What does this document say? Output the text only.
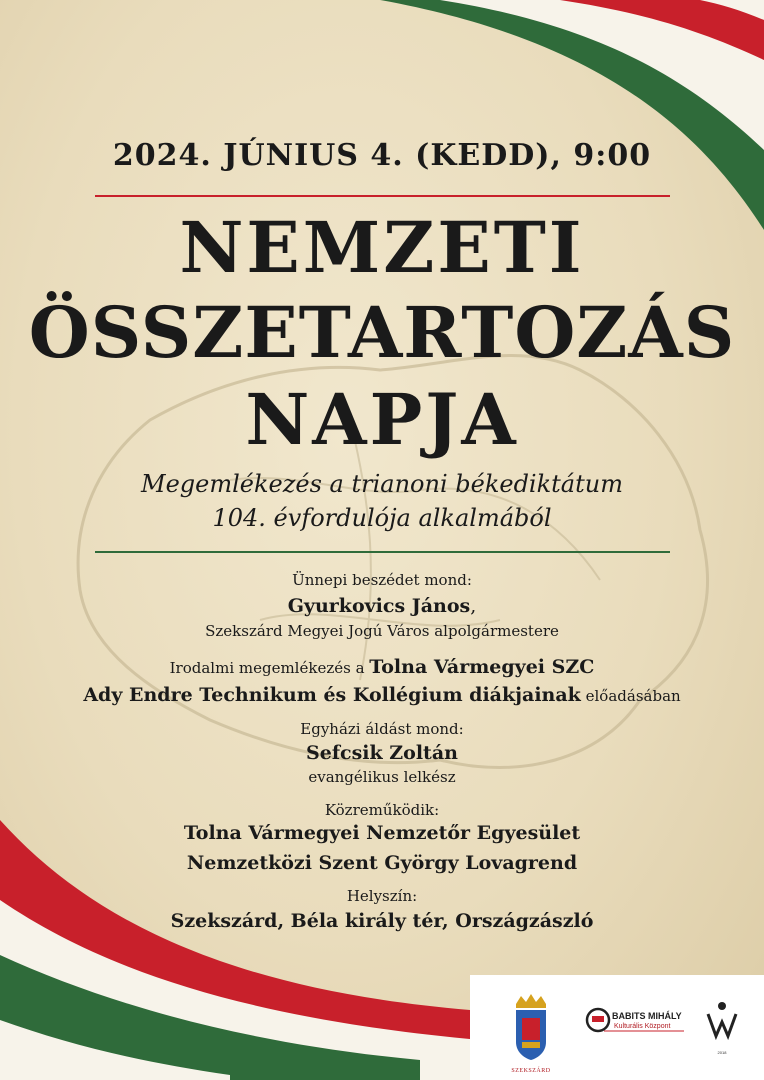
2024. JÚNIUS 4. (KEDD), 9:00
NEMZETI
ÖSSZETARTOZÁS
NAPJA
Megemlékezés a trianoni békediktátum
104. évfordulója alkalmából
Ünnepi beszédet mond:
Gyurkovics János,
Szekszárd Megyei Jogú Város alpolgármestere
Irodalmi megemlékezés a Tolna Vármegyei SZC
Ady Endre Technikum és Kollégium diákjainak előadásában
Egyházi áldást mond:
Sefcsik Zoltán
evangélikus lelkész
Közreműködik:
Tolna Vármegyei Nemzetőr Egyesület
Nemzetközi Szent György Lovagrend
Helyszín:
Szekszárd, Béla király tér, Országzászló
SZEKSZÁRD
BABITS MIHÁLY
Kulturális Központ
2018
